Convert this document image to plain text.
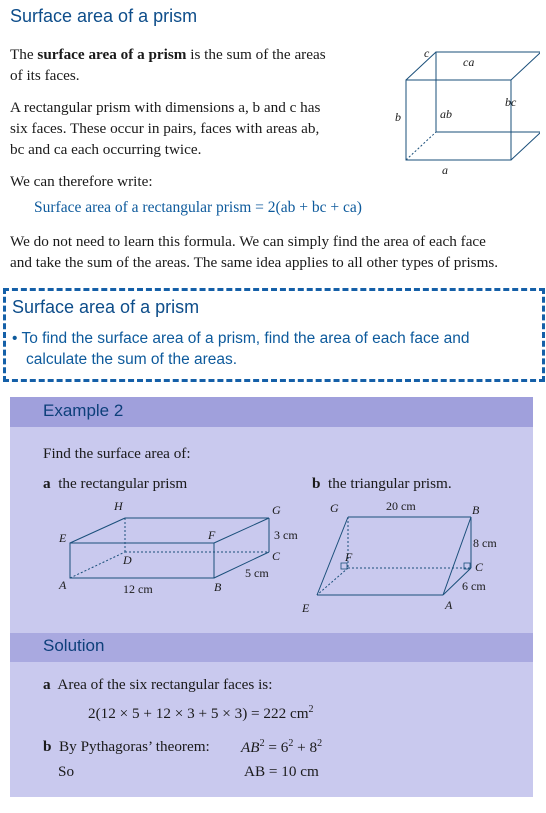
Surface area of a prism

The surface area of a prism is the sum of the areas

of its faces.

A rectangular prism with dimensions a, b and c has

six faces. These occur in pairs, faces with areas ab,

bc and ca each occurring twice.

We can therefore write:

Surface area of a rectangular prism = 2(ab + bc + ca)

We do not need to learn this formula. We can simply find the area of each face

and take the sum of the areas. The same idea applies to all other types of prisms.

c
ca
ab
bc
b
a
Surface area of a prism
• To find the surface area of a prism, find the area of each face and
calculate the sum of the areas.
Example 2
Find the surface area of:
a the rectangular prism	b the triangular prism.
H	G
E	F
D	C
A	B
12 cm
3 cm
5 cm
G	B
F
C
E	A
20 cm
8 cm
6 cm
Solution
a Area of the six rectangular faces is:
2(12 × 5 + 12 × 3 + 5 × 3) = 222 $cm^2$
b By Pythagoras’ theorem: $AB^2 = 6^2 + 8^2$
So	AB = 10 cm
